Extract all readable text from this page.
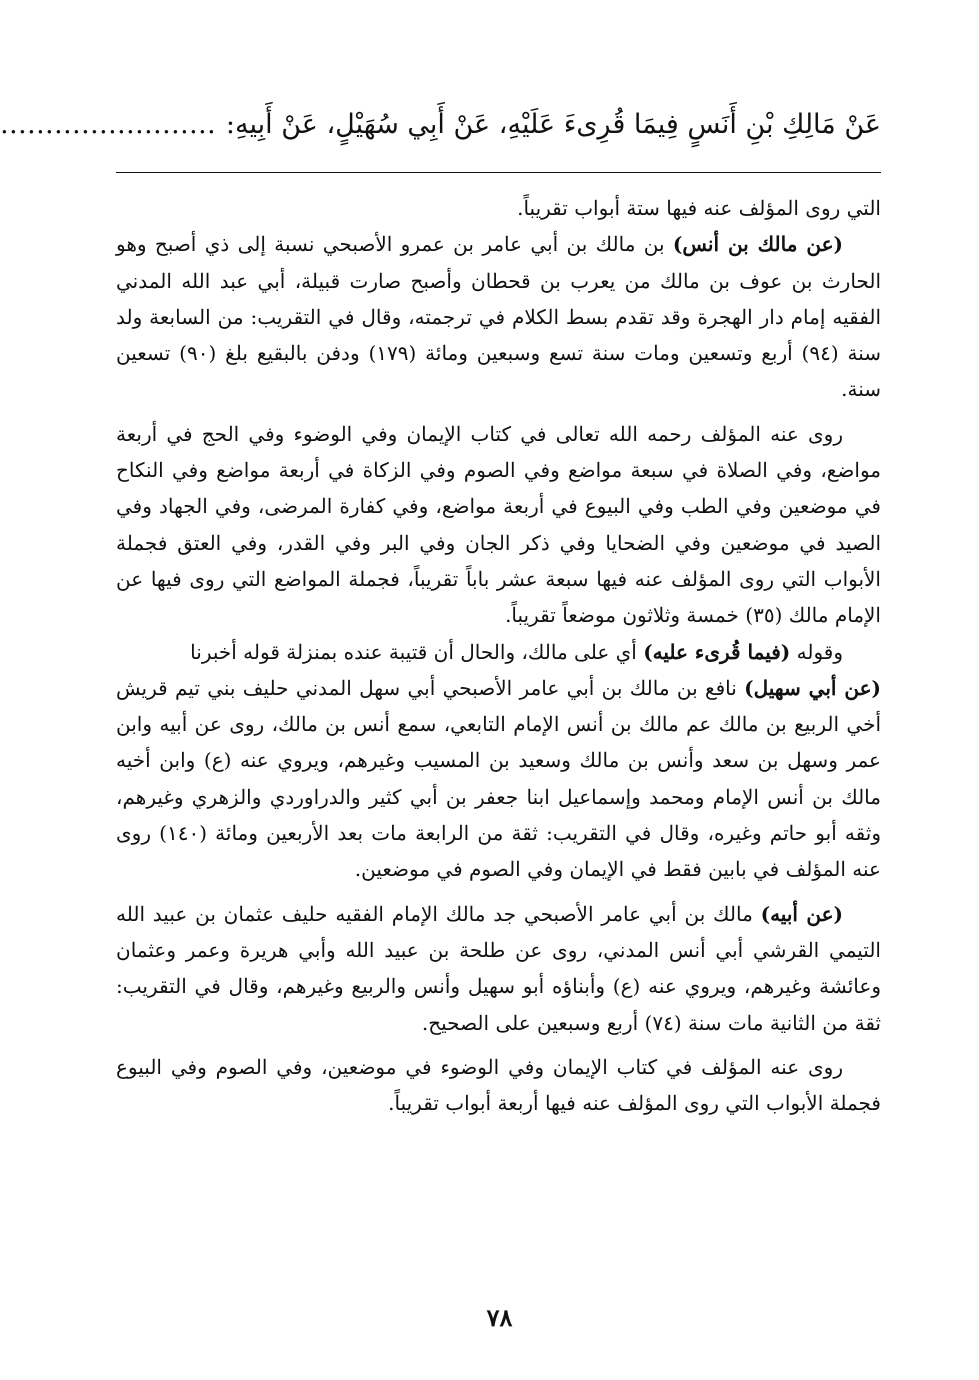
عَنْ مَالِكِ بْنِ أَنَسٍ فِيمَا قُرِىءَ عَلَيْهِ، عَنْ أَبِي سُهَيْلٍ، عَنْ أَبِيهِ:……………………

التي روى المؤلف عنه فيها ستة أبواب تقريباً.

(عن مالك بن أنس) بن مالك بن أبي عامر بن عمرو الأصبحي نسبة إلى ذي أصبح وهو الحارث بن عوف بن مالك من يعرب بن قحطان وأصبح صارت قبيلة، أبي عبد الله المدني الفقيه إمام دار الهجرة وقد تقدم بسط الكلام في ترجمته، وقال في التقريب: من السابعة ولد سنة (٩٤) أربع وتسعين ومات سنة تسع وسبعين ومائة (١٧٩) ودفن بالبقيع بلغ (٩٠) تسعين سنة.

روى عنه المؤلف رحمه الله تعالى في كتاب الإيمان وفي الوضوء وفي الحج في أربعة مواضع، وفي الصلاة في سبعة مواضع وفي الصوم وفي الزكاة في أربعة مواضع وفي النكاح في موضعين وفي الطب وفي البيوع في أربعة مواضع، وفي كفارة المرضى، وفي الجهاد وفي الصيد في موضعين وفي الضحايا وفي ذكر الجان وفي البر وفي القدر، وفي العتق فجملة الأبواب التي روى المؤلف عنه فيها سبعة عشر باباً تقريباً، فجملة المواضع التي روى فيها عن الإمام مالك (٣٥) خمسة وثلاثون موضعاً تقريباً.

وقوله (فيما قُرىء عليه) أي على مالك، والحال أن قتيبة عنده بمنزلة قوله أخبرنا

(عن أبي سهيل) نافع بن مالك بن أبي عامر الأصبحي أبي سهل المدني حليف بني تيم قريش أخي الربيع بن مالك عم مالك بن أنس الإمام التابعي، سمع أنس بن مالك، روى عن أبيه وابن عمر وسهل بن سعد وأنس بن مالك وسعيد بن المسيب وغيرهم، ويروي عنه (ع) وابن أخيه مالك بن أنس الإمام ومحمد وإسماعيل ابنا جعفر بن أبي كثير والدراوردي والزهري وغيرهم، وثقه أبو حاتم وغيره، وقال في التقريب: ثقة من الرابعة مات بعد الأربعين ومائة (١٤٠) روى عنه المؤلف في بابين فقط في الإيمان وفي الصوم في موضعين.

(عن أبيه) مالك بن أبي عامر الأصبحي جد مالك الإمام الفقيه حليف عثمان بن عبيد الله التيمي القرشي أبي أنس المدني، روى عن طلحة بن عبيد الله وأبي هريرة وعمر وعثمان وعائشة وغيرهم، ويروي عنه (ع) وأبناؤه أبو سهيل وأنس والربيع وغيرهم، وقال في التقريب: ثقة من الثانية مات سنة (٧٤) أربع وسبعين على الصحيح.

روى عنه المؤلف في كتاب الإيمان وفي الوضوء في موضعين، وفي الصوم وفي البيوع فجملة الأبواب التي روى المؤلف عنه فيها أربعة أبواب تقريباً.

٧٨
